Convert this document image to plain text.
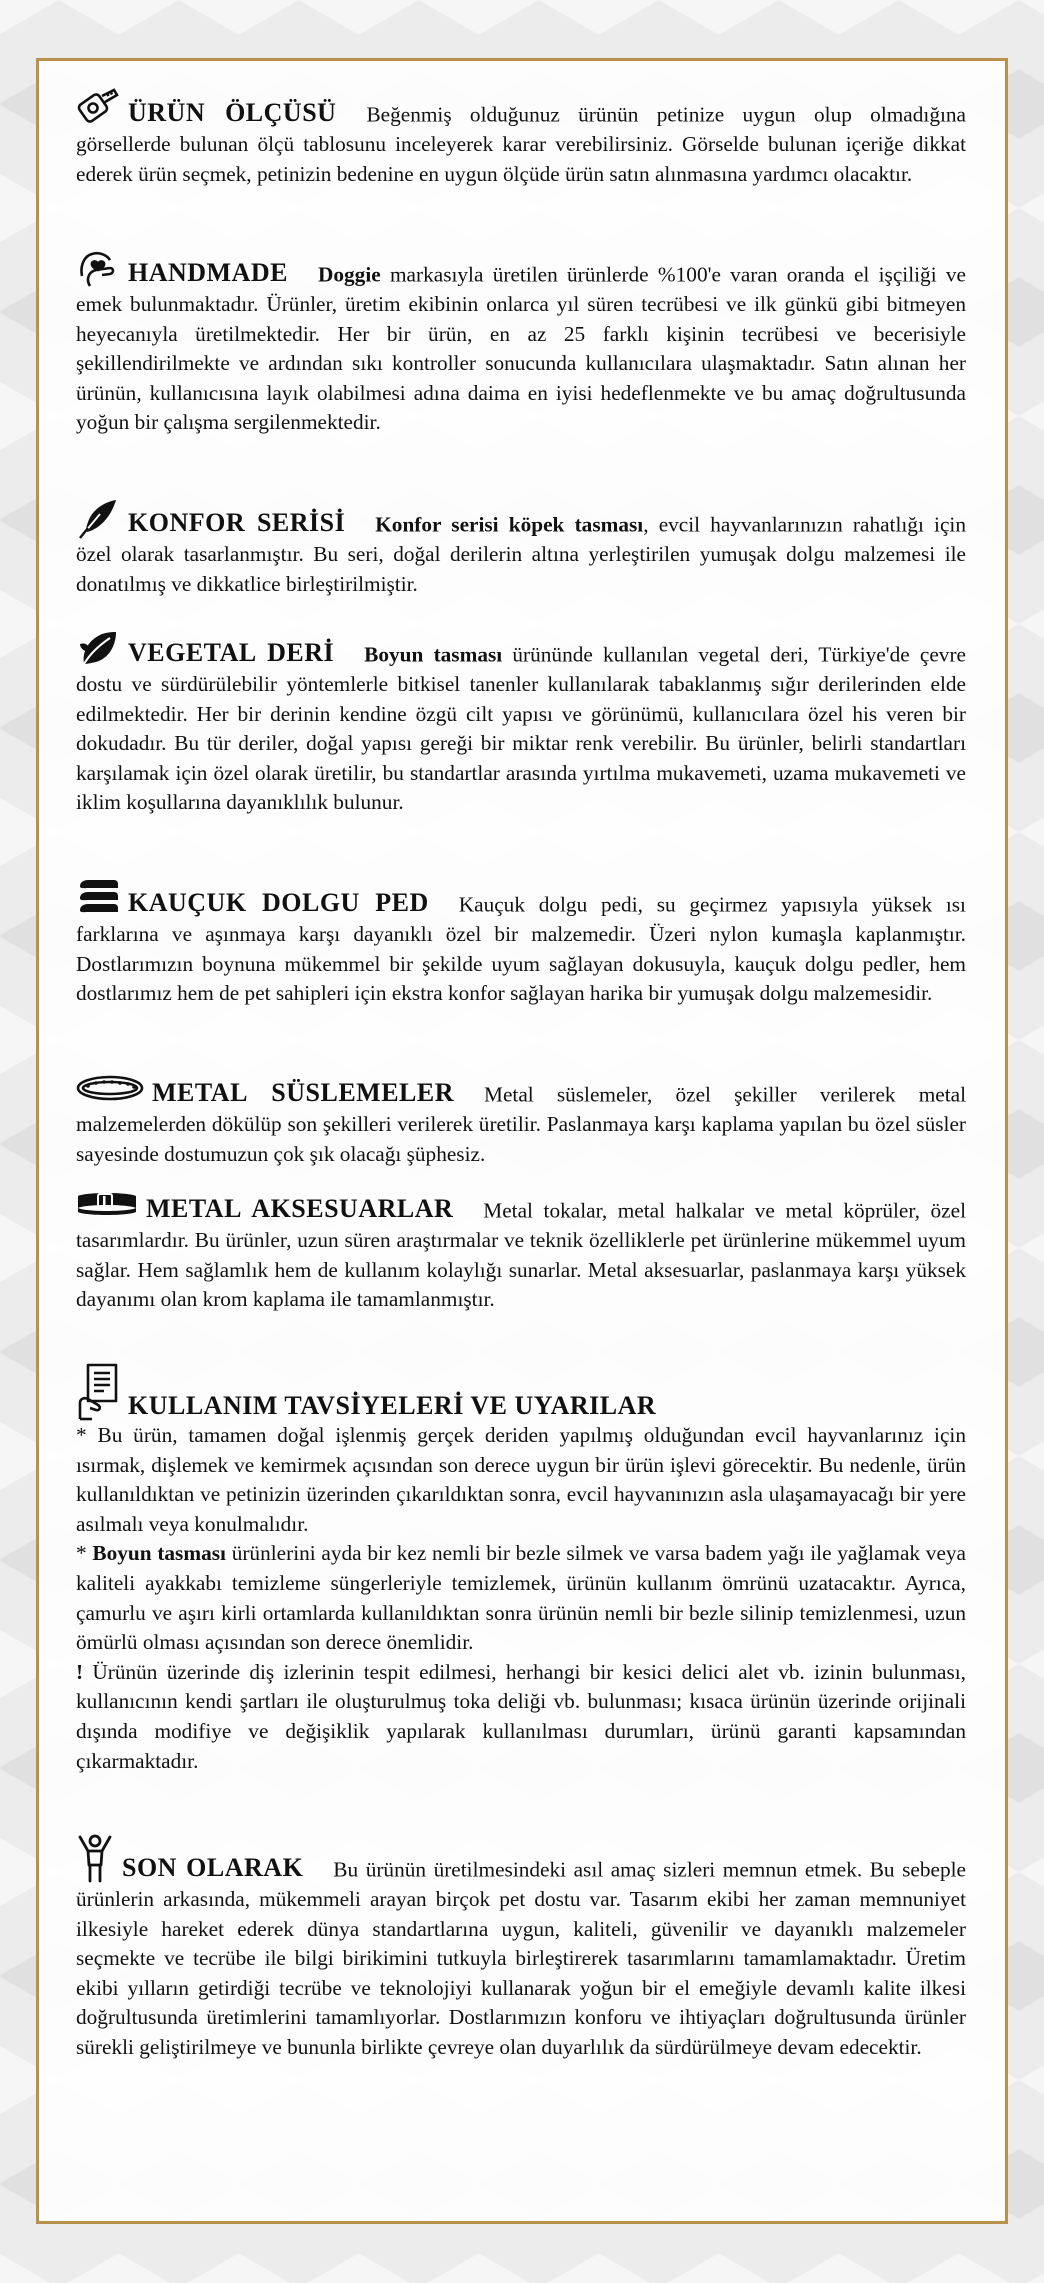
ÜRÜN ÖLÇÜSÜ Beğenmiş olduğunuz ürünün petinize uygun olup olmadığına görsellerde bulunan ölçü tablosunu inceleyerek karar verebilirsiniz. Görselde bulunan içeriğe dikkat ederek ürün seçmek, petinizin bedenine en uygun ölçüde ürün satın alınmasına yardımcı olacaktır.
HANDMADE Doggie markasıyla üretilen ürünlerde %100'e varan oranda el işçiliği ve emek bulunmaktadır. Ürünler, üretim ekibinin onlarca yıl süren tecrübesi ve ilk günkü gibi bitmeyen heyecanıyla üretilmektedir. Her bir ürün, en az 25 farklı kişinin tecrübesi ve becerisiyle şekillendirilmekte ve ardından sıkı kontroller sonucunda kullanıcılara ulaşmaktadır. Satın alınan her ürünün, kullanıcısına layık olabilmesi adına daima en iyisi hedeflenmekte ve bu amaç doğrultusunda yoğun bir çalışma sergilenmektedir.
KONFOR SERİSİ Konfor serisi köpek tasması, evcil hayvanlarınızın rahatlığı için özel olarak tasarlanmıştır. Bu seri, doğal derilerin altına yerleştirilen yumuşak dolgu malzemesi ile donatılmış ve dikkatlice birleştirilmiştir.
VEGETAL DERİ Boyun tasması ürününde kullanılan vegetal deri, Türkiye'de çevre dostu ve sürdürülebilir yöntemlerle bitkisel tanenler kullanılarak tabaklanmış sığır derilerinden elde edilmektedir. Her bir derinin kendine özgü cilt yapısı ve görünümü, kullanıcılara özel his veren bir dokudadır. Bu tür deriler, doğal yapısı gereği bir miktar renk verebilir. Bu ürünler, belirli standartları karşılamak için özel olarak üretilir, bu standartlar arasında yırtılma mukavemeti, uzama mukavemeti ve iklim koşullarına dayanıklılık bulunur.
KAUÇUK DOLGU PED Kauçuk dolgu pedi, su geçirmez yapısıyla yüksek ısı farklarına ve aşınmaya karşı dayanıklı özel bir malzemedir. Üzeri nylon kumaşla kaplanmıştır. Dostlarımızın boynuna mükemmel bir şekilde uyum sağlayan dokusuyla, kauçuk dolgu pedler, hem dostlarımız hem de pet sahipleri için ekstra konfor sağlayan harika bir yumuşak dolgu malzemesidir.
METAL SÜSLEMELER Metal süslemeler, özel şekiller verilerek metal malzemelerden dökülüp son şekilleri verilerek üretilir. Paslanmaya karşı kaplama yapılan bu özel süsler sayesinde dostumuzun çok şık olacağı şüphesiz.
METAL AKSESUARLAR Metal tokalar, metal halkalar ve metal köprüler, özel tasarımlardır. Bu ürünler, uzun süren araştırmalar ve teknik özelliklerle pet ürünlerine mükemmel uyum sağlar. Hem sağlamlık hem de kullanım kolaylığı sunarlar. Metal aksesuarlar, paslanmaya karşı yüksek dayanımı olan krom kaplama ile tamamlanmıştır.
KULLANIM TAVSİYELERİ VE UYARILAR
* Bu ürün, tamamen doğal işlenmiş gerçek deriden yapılmış olduğundan evcil hayvanlarınız için ısırmak, dişlemek ve kemirmek açısından son derece uygun bir ürün işlevi görecektir. Bu nedenle, ürün kullanıldıktan ve petinizin üzerinden çıkarıldıktan sonra, evcil hayvanınızın asla ulaşamayacağı bir yere asılmalı veya konulmalıdır.
* Boyun tasması ürünlerini ayda bir kez nemli bir bezle silmek ve varsa badem yağı ile yağlamak veya kaliteli ayakkabı temizleme süngerleriyle temizlemek, ürünün kullanım ömrünü uzatacaktır. Ayrıca, çamurlu ve aşırı kirli ortamlarda kullanıldıktan sonra ürünün nemli bir bezle silinip temizlenmesi, uzun ömürlü olması açısından son derece önemlidir.
! Ürünün üzerinde diş izlerinin tespit edilmesi, herhangi bir kesici delici alet vb. izinin bulunması, kullanıcının kendi şartları ile oluşturulmuş toka deliği vb. bulunması; kısaca ürünün üzerinde orijinali dışında modifiye ve değişiklik yapılarak kullanılması durumları, ürünü garanti kapsamından çıkarmaktadır.
SON OLARAK Bu ürünün üretilmesindeki asıl amaç sizleri memnun etmek. Bu sebeple ürünlerin arkasında, mükemmeli arayan birçok pet dostu var. Tasarım ekibi her zaman memnuniyet ilkesiyle hareket ederek dünya standartlarına uygun, kaliteli, güvenilir ve dayanıklı malzemeler seçmekte ve tecrübe ile bilgi birikimini tutkuyla birleştirerek tasarımlarını tamamlamaktadır. Üretim ekibi yılların getirdiği tecrübe ve teknolojiyi kullanarak yoğun bir el emeğiyle devamlı kalite ilkesi doğrultusunda üretimlerini tamamlıyorlar. Dostlarımızın konforu ve ihtiyaçları doğrultusunda ürünler sürekli geliştirilmeye ve bununla birlikte çevreye olan duyarlılık da sürdürülmeye devam edecektir.
